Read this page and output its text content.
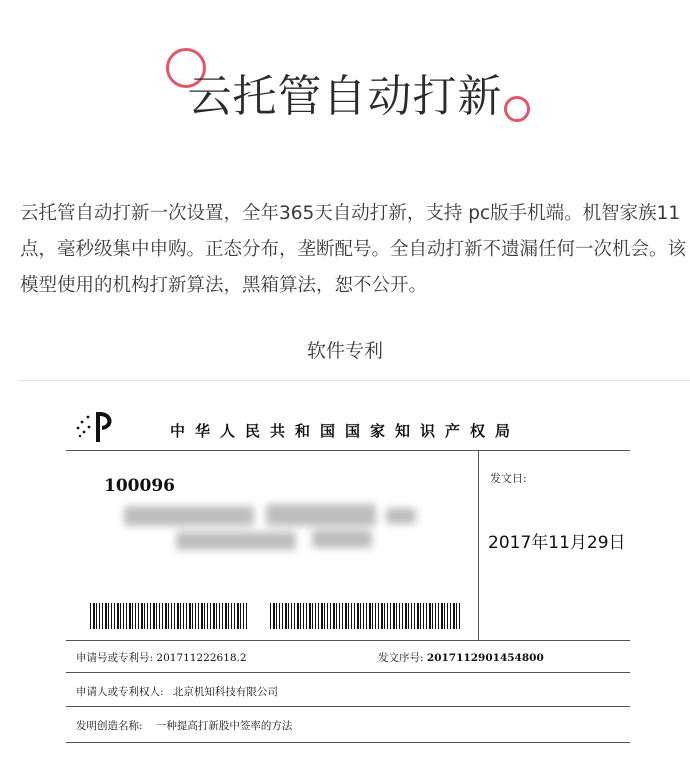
云托管自动打新

云托管自动打新一次设置，全年365天自动打新，支持 pc版手机端。机智家族11点，毫秒级集中申购。正态分布，垄断配号。全自动打新不遗漏任何一次机会。该模型使用的机构打新算法，黑箱算法，恕不公开。

软件专利
中华人民共和国国家知识产权局
100096	发文日:
2017年11月29日
申请号或专利号: 201711222618.2	发文序号: 2017112901454800
申请人或专利权人: 北京机知科技有限公司
发明创造名称: 一种提高打新股中签率的方法
